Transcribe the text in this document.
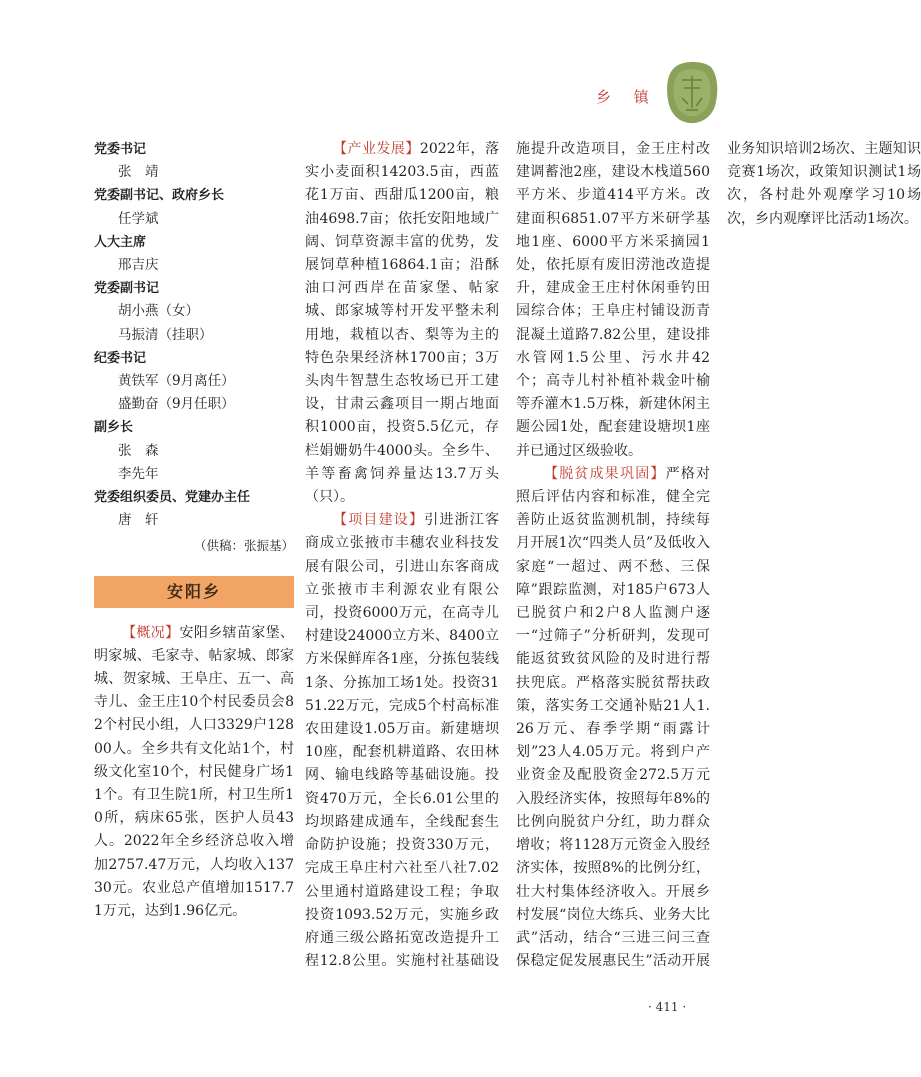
乡 镇
党委书记
张　靖
党委副书记、政府乡长
任学斌
人大主席
邢吉庆
党委副书记
胡小燕（女）
马振清（挂职）
纪委书记
黄铁军（9月离任）
盛勤奋（9月任职）
副乡长
张　森
李先年
党委组织委员、党建办主任
唐　轩
（供稿：张振基）
安阳乡

【概况】安阳乡辖苗家堡、明家城、毛家寺、帖家城、郎家城、贺家城、王阜庄、五一、高寺儿、金王庄10个村民委员会82个村民小组，人口3329户12800人。全乡共有文化站1个，村级文化室10个，村民健身广场11个。有卫生院1所，村卫生所10所，病床65张，医护人员43人。2022年全乡经济总收入增加2757.47万元，人均收入13730元。农业总产值增加1517.71万元，达到1.96亿元。

· 411 ·

【产业发展】2022年，落实小麦面积14203.5亩，西蓝花1万亩、西甜瓜1200亩，粮油4698.7亩；依托安阳地域广阔、饲草资源丰富的优势，发展饲草种植16864.1亩；沿酥油口河西岸在苗家堡、帖家城、郎家城等村开发平整未利用地，栽植以杏、梨等为主的特色杂果经济林1700亩；3万头肉牛智慧生态牧场已开工建设，甘肃云鑫项目一期占地面积1000亩，投资5.5亿元，存栏娟姗奶牛4000头。全乡牛、羊等畜禽饲养量达13.7万头（只）。

【项目建设】引进浙江客商成立张掖市丰穗农业科技发展有限公司，引进山东客商成立张掖市丰利源农业有限公司，投资6000万元，在高寺儿村建设24000立方米、8400立方米保鲜库各1座，分拣包装线1条、分拣加工场1处。投资3151.22万元，完成5个村高标准农田建设1.05万亩。新建塘坝10座，配套机耕道路、农田林网、输电线路等基础设施。投资470万元，全长6.01公里的均坝路建成通车，全线配套生命防护设施；投资330万元，完成王阜庄村六社至八社7.02公里通村道路建设工程；争取投资1093.52万元，实施乡政府通三级公路拓宽改造提升工程12.8公里。实施村社基础设施提升改造项目，金王庄村改建调蓄池2座，建设木栈道560平方米、步道414平方米。改建面积6851.07平方米研学基地1座、6000平方米采摘园1处，依托原有废旧涝池改造提升，建成金王庄村休闲垂钓田园综合体；王阜庄村铺设沥青混凝土道路7.82公里，建设排水管网1.5公里、污水井42个；高寺儿村补植补栽金叶榆等乔灌木1.5万株，新建休闲主题公园1处，配套建设塘坝1座并已通过区级验收。

【脱贫成果巩固】严格对照后评估内容和标准，健全完善防止返贫监测机制，持续每月开展1次“四类人员”及低收入家庭“一超过、两不愁、三保障”跟踪监测，对185户673人已脱贫户和2户8人监测户逐一“过筛子”分析研判，发现可能返贫致贫风险的及时进行帮扶兜底。严格落实脱贫帮扶政策，落实务工交通补贴21人1.26万元、春季学期“雨露计划”23人4.05万元。将到户产业资金及配股资金272.5万元入股经济实体，按照每年8%的比例向脱贫户分红，助力群众增收；将1128万元资金入股经济实体，按照8%的比例分红，壮大村集体经济收入。开展乡村发展“岗位大练兵、业务大比武”活动，结合“三进三问三查保稳定促发展惠民生”活动开展业务知识培训2场次、主题知识竞赛1场次，政策知识测试1场次，各村赴外观摩学习10场次，乡内观摩评比活动1场次。
